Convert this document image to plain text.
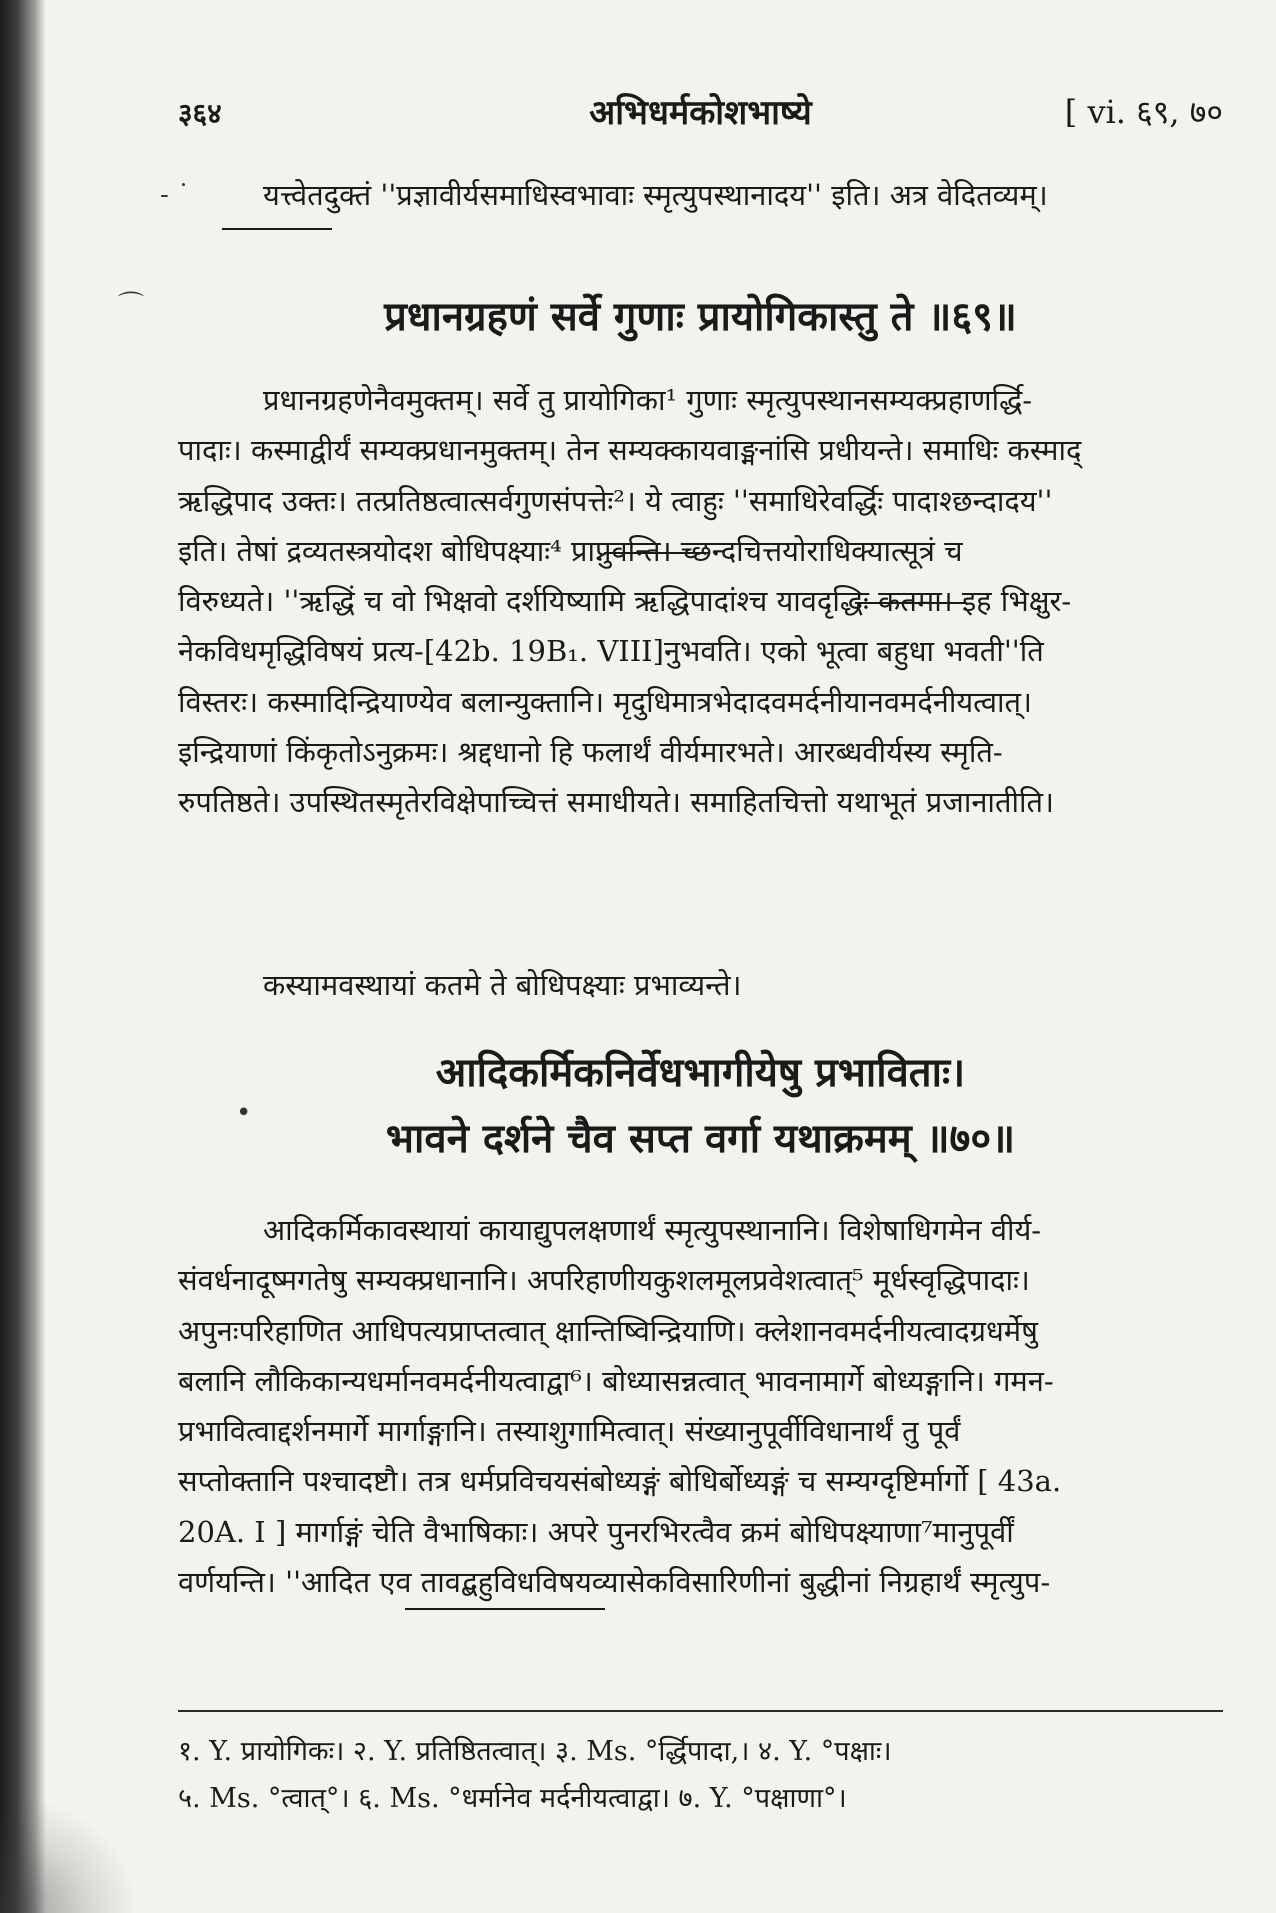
३६४	अभिधर्मकोशभाष्ये	[ vi. ६९, ७०
- ˙	यत्त्वेतदुक्तं ''प्रज्ञावीर्यसमाधिस्वभावाः स्मृत्युपस्थानादय'' इति। अत्र वेदितव्यम्।

⌒	प्रधानग्रहणं सर्वे गुणाः प्रायोगिकास्तु ते ॥६९॥

प्रधानग्रहणेनैवमुक्तम्। सर्वे तु प्रायोगिका¹ गुणाः स्मृत्युपस्थानसम्यक्प्रहाणर्द्धि-
पादाः। कस्माद्वीर्यं सम्यक्प्रधानमुक्तम्। तेन सम्यक्कायवाङ्मनांसि प्रधीयन्ते। समाधिः कस्माद्
ऋद्धिपाद उक्तः। तत्प्रतिष्ठत्वात्सर्वगुणसंपत्तेः²। ये त्वाहुः ''समाधिरेवर्द्धिः पादाश्छन्दादय''
इति। तेषां द्रव्यतस्त्रयोदश बोधिपक्ष्याः⁴ प्राप्नुवन्ति। च्छन्दचित्तयोराधिक्यात्सूत्रं च
विरुध्यते। ''ऋद्धिं च वो भिक्षवो दर्शयिष्यामि ऋद्धिपादांश्च यावदृद्धिः कतमा। इह भिक्षुर-
नेकविधमृद्धिविषयं प्रत्य-[42b. 19B₁. VIII]नुभवति। एको भूत्वा बहुधा भवती''ति
विस्तरः। कस्मादिन्द्रियाण्येव बलान्युक्तानि। मृदुधिमात्रभेदादवमर्दनीयानवमर्दनीयत्वात्।
इन्द्रियाणां किंकृतोऽनुक्रमः। श्रद्दधानो हि फलार्थं वीर्यमारभते। आरब्धवीर्यस्य स्मृति-
रुपतिष्ठते। उपस्थितस्मृतेरविक्षेपाच्चित्तं समाधीयते। समाहितचित्तो यथाभूतं प्रजानातीति।

कस्यामवस्थायां कतमे ते बोधिपक्ष्याः प्रभाव्यन्ते।

आदिकर्मिकनिर्वेधभागीयेषु प्रभाविताः।
भावने दर्शने चैव सप्त वर्गा यथाक्रमम् ॥७०॥

•

आदिकर्मिकावस्थायां कायाद्युपलक्षणार्थं स्मृत्युपस्थानानि। विशेषाधिगमेन वीर्य-
संवर्धनादूष्मगतेषु सम्यक्प्रधानानि। अपरिहाणीयकुशलमूलप्रवेशत्वात्⁵ मूर्धस्वृद्धिपादाः।
अपुनःपरिहाणित आधिपत्यप्राप्तत्वात् क्षान्तिष्विन्द्रियाणि। क्लेशानवमर्दनीयत्वादग्रधर्मेषु
बलानि लौकिकान्यधर्मानवमर्दनीयत्वाद्वा⁶। बोध्यासन्नत्वात् भावनामार्गे बोध्यङ्गानि। गमन-
प्रभावित्वाद्दर्शनमार्गे मार्गाङ्गानि। तस्याशुगामित्वात्। संख्यानुपूर्वीविधानार्थं तु पूर्वं
सप्तोक्तानि पश्चादष्टौ। तत्र धर्मप्रविचयसंबोध्यङ्गं बोधिर्बोध्यङ्गं च सम्यग्दृष्टिर्मार्गो [ 43a.
20A. I ] मार्गाङ्गं चेति वैभाषिकाः। अपरे पुनरभिरत्वैव क्रमं बोधिपक्ष्याणा⁷मानुपूर्वीं
वर्णयन्ति। ''आदित एव तावद्बहुविधविषयव्यासेकविसारिणीनां बुद्धीनां निग्रहार्थं स्मृत्युप-

१. Y. प्रायोगिकः। २. Y. प्रतिष्ठितत्वात्। ३. Ms. °र्द्धिपादा,। ४. Y. °पक्षाः।
५. Ms. °त्वात्°। ६. Ms. °धर्मानेव मर्दनीयत्वाद्वा। ७. Y. °पक्षाणा°।
